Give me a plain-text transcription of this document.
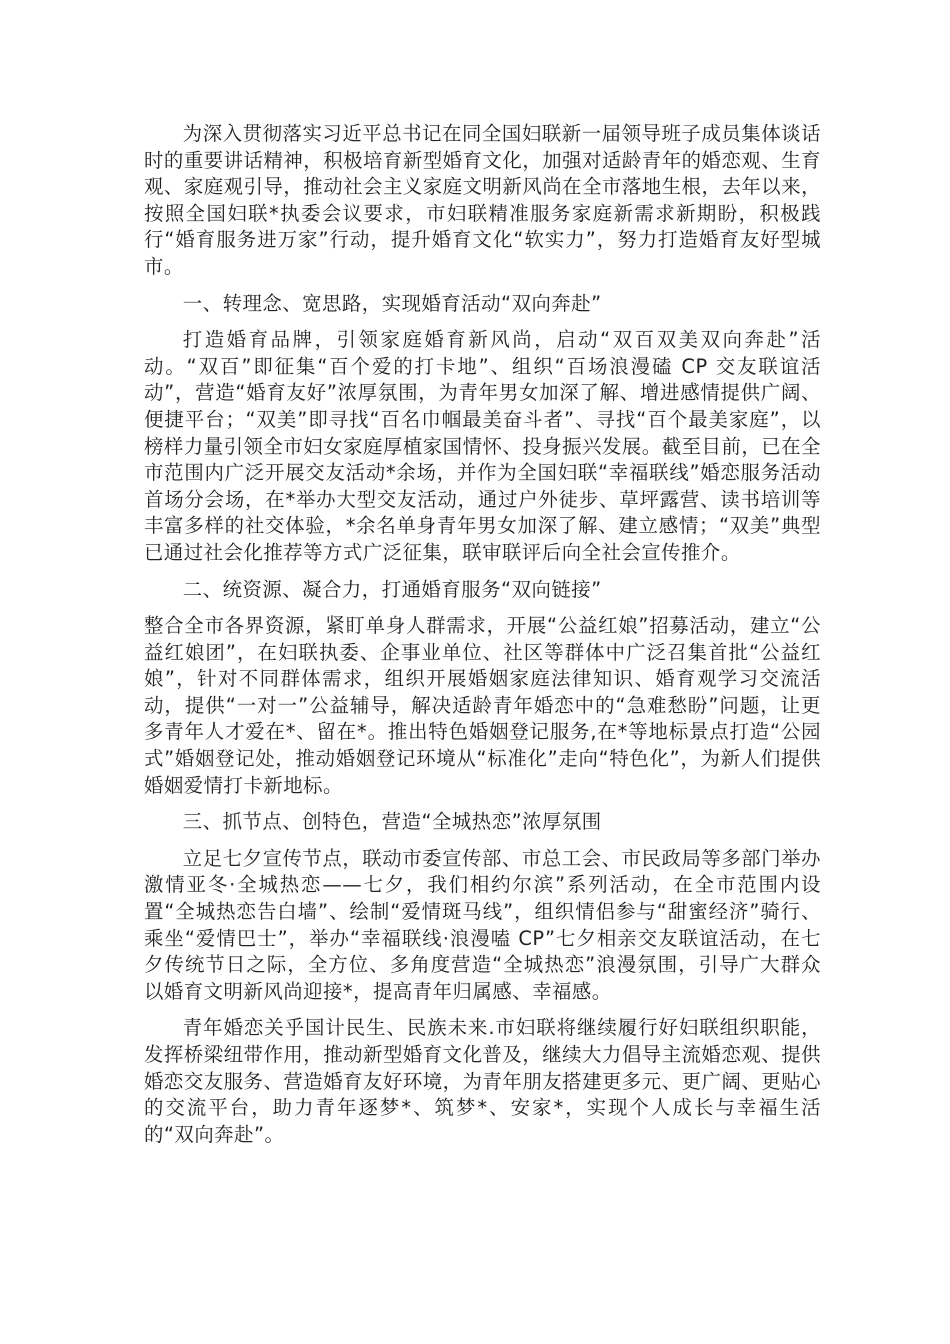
为深入贯彻落实习近平总书记在同全国妇联新一届领导班子成员集体谈话时的重要讲话精神，积极培育新型婚育文化，加强对适龄青年的婚恋观、生育观、家庭观引导，推动社会主义家庭文明新风尚在全市落地生根，去年以来，按照全国妇联*执委会议要求，市妇联精准服务家庭新需求新期盼，积极践行“婚育服务进万家”行动，提升婚育文化“软实力”，努力打造婚育友好型城市。

一、转理念、宽思路，实现婚育活动“双向奔赴”

打造婚育品牌，引领家庭婚育新风尚，启动“双百双美双向奔赴”活动。“双百”即征集“百个爱的打卡地”、组织“百场浪漫磕 CP 交友联谊活动”，营造“婚育友好”浓厚氛围，为青年男女加深了解、增进感情提供广阔、便捷平台；“双美”即寻找“百名巾帼最美奋斗者”、寻找“百个最美家庭”，以榜样力量引领全市妇女家庭厚植家国情怀、投身振兴发展。截至目前，已在全市范围内广泛开展交友活动*余场，并作为全国妇联“幸福联线”婚恋服务活动首场分会场，在*举办大型交友活动，通过户外徒步、草坪露营、读书培训等丰富多样的社交体验，*余名单身青年男女加深了解、建立感情；“双美”典型已通过社会化推荐等方式广泛征集，联审联评后向全社会宣传推介。

二、统资源、凝合力，打通婚育服务“双向链接”

整合全市各界资源，紧盯单身人群需求，开展“公益红娘”招募活动，建立“公益红娘团”，在妇联执委、企事业单位、社区等群体中广泛召集首批“公益红娘”，针对不同群体需求，组织开展婚姻家庭法律知识、婚育观学习交流活动，提供“一对一”公益辅导，解决适龄青年婚恋中的“急难愁盼”问题，让更多青年人才爱在*、留在*。推出特色婚姻登记服务,在*等地标景点打造“公园式”婚姻登记处，推动婚姻登记环境从“标准化”走向“特色化”，为新人们提供婚姻爱情打卡新地标。

三、抓节点、创特色，营造“全城热恋”浓厚氛围

立足七夕宣传节点，联动市委宣传部、市总工会、市民政局等多部门举办激情亚冬·全城热恋——七夕，我们相约尔滨”系列活动，在全市范围内设置“全城热恋告白墙”、绘制“爱情斑马线”，组织情侣参与“甜蜜经济”骑行、乘坐“爱情巴士”，举办“幸福联线·浪漫嗑 CP”七夕相亲交友联谊活动，在七夕传统节日之际，全方位、多角度营造“全城热恋”浪漫氛围，引导广大群众以婚育文明新风尚迎接*，提高青年归属感、幸福感。

青年婚恋关乎国计民生、民族未来.市妇联将继续履行好妇联组织职能，发挥桥梁纽带作用，推动新型婚育文化普及，继续大力倡导主流婚恋观、提供婚恋交友服务、营造婚育友好环境，为青年朋友搭建更多元、更广阔、更贴心的交流平台，助力青年逐梦*、筑梦*、安家*，实现个人成长与幸福生活的“双向奔赴”。
